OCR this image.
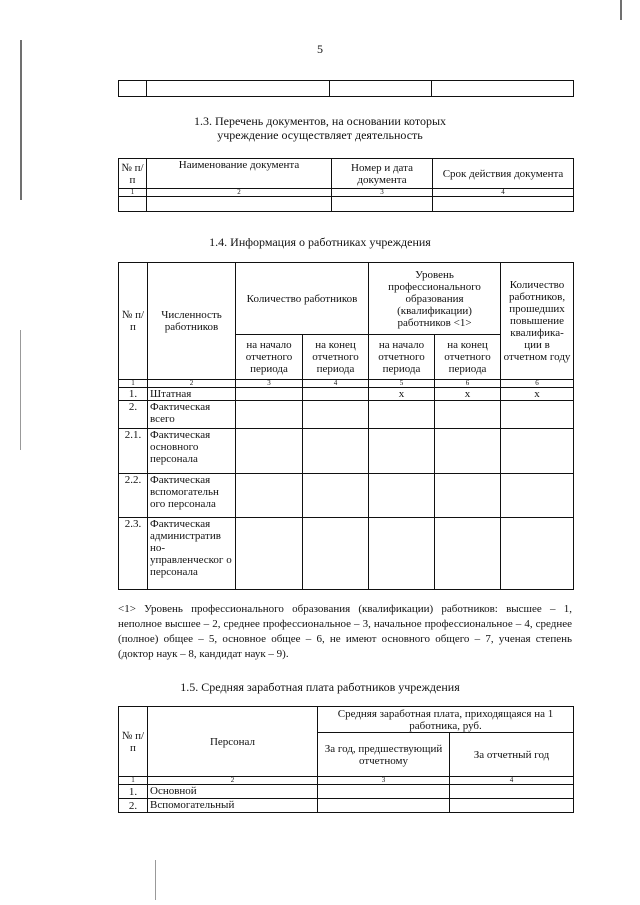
5

1.3. Перечень документов, на основании которых
учреждение осуществляет деятельность
№ п/п	Наименование документа	Номер и дата документа	Срок действия документа
1	2	3	4

1.4. Информация о работниках учреждения
№ п/п	Численность работников	Количество работников		Уровень профессионального образования (квалификации) работников <1>		Количество работников, прошедших повышение квалифика-ции в отчетном году
		на начало отчетного периода	на конец отчетного периода	на начало отчетного периода	на конец отчетного периода	
1	2	3	4	5	6	6
1.	Штатная			х	х	х
2.	Фактическая всего					
2.1.	Фактическая основного персонала					
2.2.	Фактическая вспомогательн ого персонала					
2.3.	Фактическая административ но-управленческог о персонала					
<1> Уровень профессионального образования (квалификации) работников: высшее – 1, неполное высшее – 2, среднее профессиональное – 3, начальное профессиональное – 4, среднее (полное) общее – 5, основное общее – 6, не имеют основного общего – 7, ученая степень (доктор наук – 8, кандидат наук – 9).
1.5. Средняя заработная плата работников учреждения
№ п/п	Персонал	Средняя заработная плата, приходящаяся на 1 работника, руб.	
		За год, предшествующий отчетному	За отчетный год
1	2	3	4
1.	Основной		
2.	Вспомогательный		
